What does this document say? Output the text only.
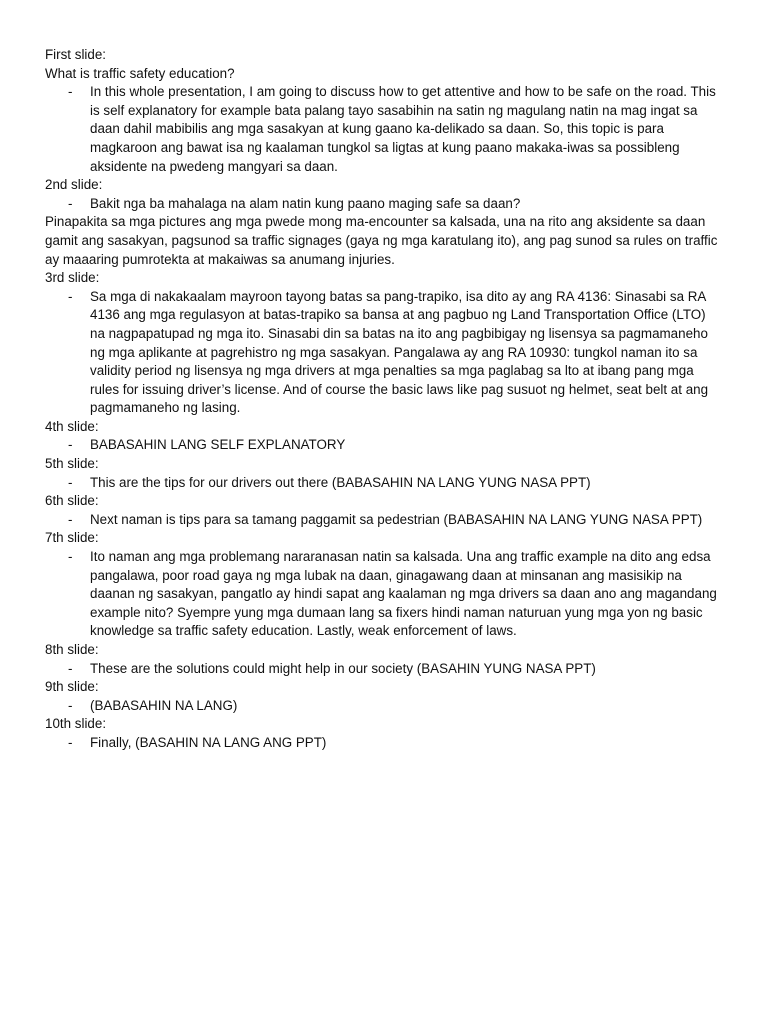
First slide:

What is traffic safety education?

- In this whole presentation, I am going to discuss how to get attentive and how to be safe on the road. This is self explanatory for example bata palang tayo sasabihin na satin ng magulang natin na mag ingat sa daan dahil mabibilis ang mga sasakyan at kung gaano ka-delikado sa daan. So, this topic is para magkaroon ang bawat isa ng kaalaman tungkol sa ligtas at kung paano makaka-iwas sa possibleng aksidente na pwedeng mangyari sa daan.

2nd slide:

- Bakit nga ba mahalaga na alam natin kung paano maging safe sa daan?

Pinapakita sa mga pictures ang mga pwede mong ma-encounter sa kalsada, una na rito ang aksidente sa daan gamit ang sasakyan, pagsunod sa traffic signages (gaya ng mga karatulang ito), ang pag sunod sa rules on traffic ay maaaring pumrotekta at makaiwas sa anumang injuries.

3rd slide:

- Sa mga di nakakaalam mayroon tayong batas sa pang-trapiko, isa dito ay ang RA 4136: Sinasabi sa RA 4136 ang mga regulasyon at batas-trapiko sa bansa at ang pagbuo ng Land Transportation Office (LTO) na nagpapatupad ng mga ito. Sinasabi din sa batas na ito ang pagbibigay ng lisensya sa pagmamaneho ng mga aplikante at pagrehistro ng mga sasakyan. Pangalawa ay ang RA 10930: tungkol naman ito sa validity period ng lisensya ng mga drivers at mga penalties sa mga paglabag sa lto at ibang pang mga rules for issuing driver’s license. And of course the basic laws like pag susuot ng helmet, seat belt at ang pagmamaneho ng lasing.

4th slide:

- BABASAHIN LANG SELF EXPLANATORY

5th slide:

- This are the tips for our drivers out there (BABASAHIN NA LANG YUNG NASA PPT)

6th slide:

- Next naman is tips para sa tamang paggamit sa pedestrian (BABASAHIN NA LANG YUNG NASA PPT)

7th slide:

- Ito naman ang mga problemang nararanasan natin sa kalsada. Una ang traffic example na dito ang edsa pangalawa, poor road gaya ng mga lubak na daan, ginagawang daan at minsanan ang masisikip na daanan ng sasakyan, pangatlo ay hindi sapat ang kaalaman ng mga drivers sa daan ano ang magandang example nito? Syempre yung mga dumaan lang sa fixers hindi naman naturuan yung mga yon ng basic knowledge sa traffic safety education. Lastly, weak enforcement of laws.

8th slide:

- These are the solutions could might help in our society (BASAHIN YUNG NASA PPT)

9th slide:

- (BABASAHIN NA LANG)

10th slide:

- Finally, (BASAHIN NA LANG ANG PPT)
